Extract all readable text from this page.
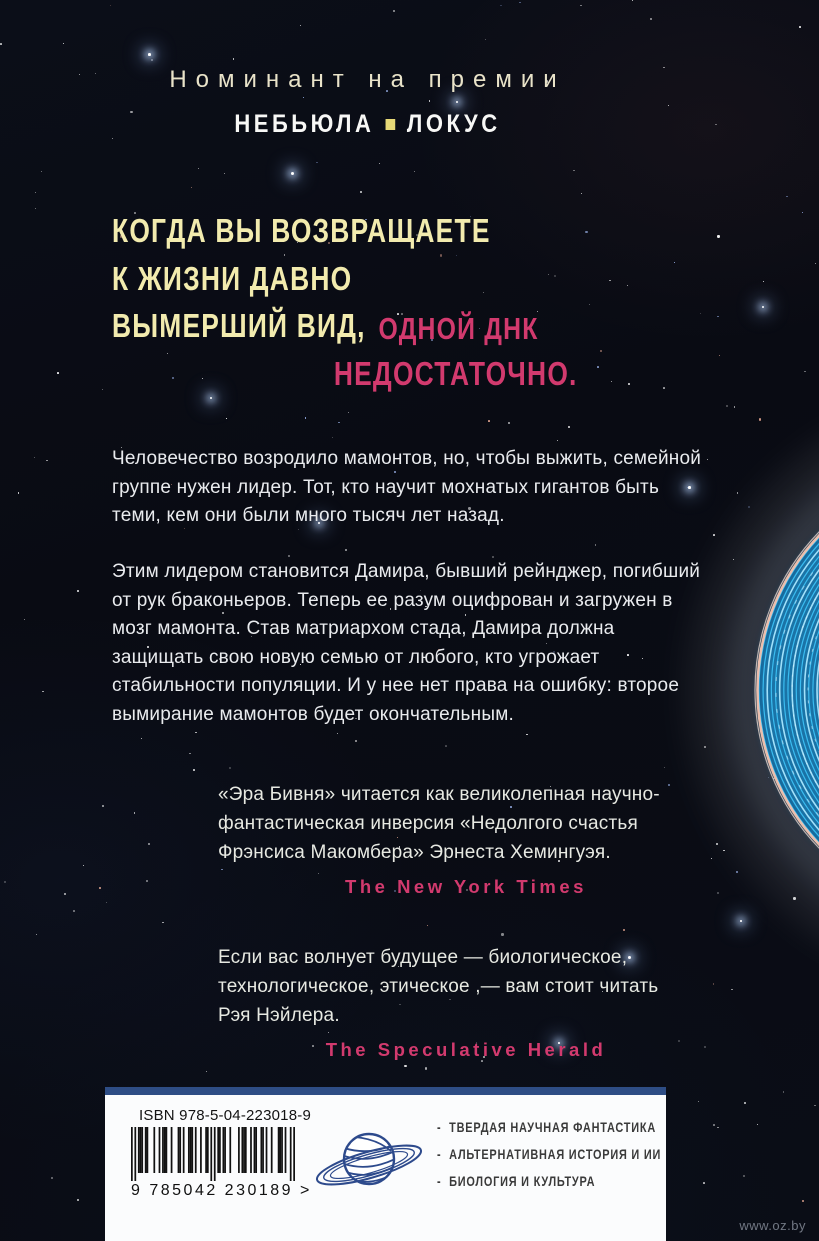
Номинант на премии
НЕБЬЮЛА ЛОКУС
КОГДА ВЫ ВОЗВРАЩАЕТЕ
К ЖИЗНИ ДАВНО
ВЫМЕРШИЙ ВИД, ОДНОЙ ДНК
НЕДОСТАТОЧНО.

Человечество возродило мамонтов, но, чтобы выжить, семейной группе нужен лидер. Тот, кто научит мохнатых гигантов быть теми, кем они были много тысяч лет назад.

Этим лидером становится Дамира, бывший рейнджер, погибший от рук браконьеров. Теперь ее разум оцифрован и загружен в мозг мамонта. Став матриархом стада, Дамира должна защищать свою новую семью от любого, кто угрожает стабильности популяции. И у нее нет права на ошибку: второе вымирание мамонтов будет окончательным.

«Эра Бивня» читается как великолепная научно-фантастическая инверсия «Недолгого счастья Фрэнсиса Макомбера» Эрнеста Хемингуэя.
The New York Times
Если вас волнует будущее — биологическое, технологическое, этическое ,— вам стоит читать Рэя Нэйлера.
The Speculative Herald
ISBN 978-5-04-223018-9
9 785042 230189 >
- ТВЕРДАЯ НАУЧНАЯ ФАНТАСТИКА
- АЛЬТЕРНАТИВНАЯ ИСТОРИЯ И ИИ
- БИОЛОГИЯ И КУЛЬТУРА
www.oz.by
